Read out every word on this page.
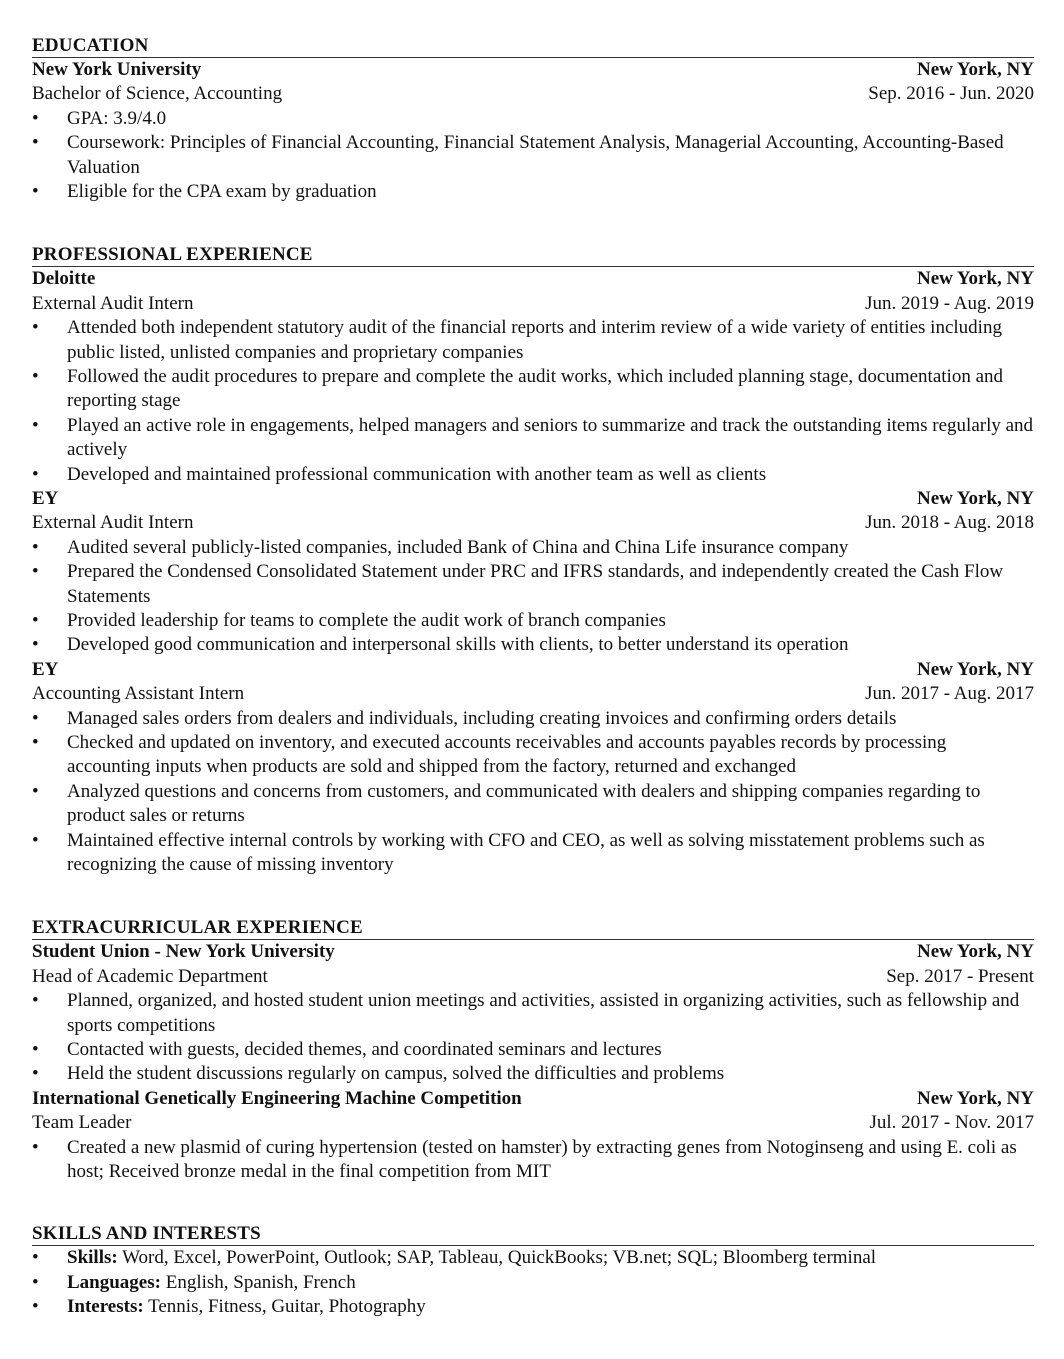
EDUCATION
New York University	New York, NY
Bachelor of Science, Accounting	Sep. 2016 - Jun. 2020
• GPA: 3.9/4.0
• Coursework: Principles of Financial Accounting, Financial Statement Analysis, Managerial Accounting, Accounting-Based Valuation
• Eligible for the CPA exam by graduation
PROFESSIONAL EXPERIENCE
Deloitte	New York, NY
External Audit Intern	Jun. 2019 - Aug. 2019
• Attended both independent statutory audit of the financial reports and interim review of a wide variety of entities including public listed, unlisted companies and proprietary companies
• Followed the audit procedures to prepare and complete the audit works, which included planning stage, documentation and reporting stage
• Played an active role in engagements, helped managers and seniors to summarize and track the outstanding items regularly and actively
• Developed and maintained professional communication with another team as well as clients
EY	New York, NY
External Audit Intern	Jun. 2018 - Aug. 2018
• Audited several publicly-listed companies, included Bank of China and China Life insurance company
• Prepared the Condensed Consolidated Statement under PRC and IFRS standards, and independently created the Cash Flow Statements
• Provided leadership for teams to complete the audit work of branch companies
• Developed good communication and interpersonal skills with clients, to better understand its operation
EY	New York, NY
Accounting Assistant Intern	Jun. 2017 - Aug. 2017
• Managed sales orders from dealers and individuals, including creating invoices and confirming orders details
• Checked and updated on inventory, and executed accounts receivables and accounts payables records by processing accounting inputs when products are sold and shipped from the factory, returned and exchanged
• Analyzed questions and concerns from customers, and communicated with dealers and shipping companies regarding to product sales or returns
• Maintained effective internal controls by working with CFO and CEO, as well as solving misstatement problems such as recognizing the cause of missing inventory
EXTRACURRICULAR EXPERIENCE
Student Union - New York University	New York, NY
Head of Academic Department	Sep. 2017 - Present
• Planned, organized, and hosted student union meetings and activities, assisted in organizing activities, such as fellowship and sports competitions
• Contacted with guests, decided themes, and coordinated seminars and lectures
• Held the student discussions regularly on campus, solved the difficulties and problems
International Genetically Engineering Machine Competition	New York, NY
Team Leader	Jul. 2017 - Nov. 2017
• Created a new plasmid of curing hypertension (tested on hamster) by extracting genes from Notoginseng and using E. coli as host; Received bronze medal in the final competition from MIT
SKILLS AND INTERESTS
• Skills: Word, Excel, PowerPoint, Outlook; SAP, Tableau, QuickBooks; VB.net; SQL; Bloomberg terminal
• Languages: English, Spanish, French
• Interests: Tennis, Fitness, Guitar, Photography
